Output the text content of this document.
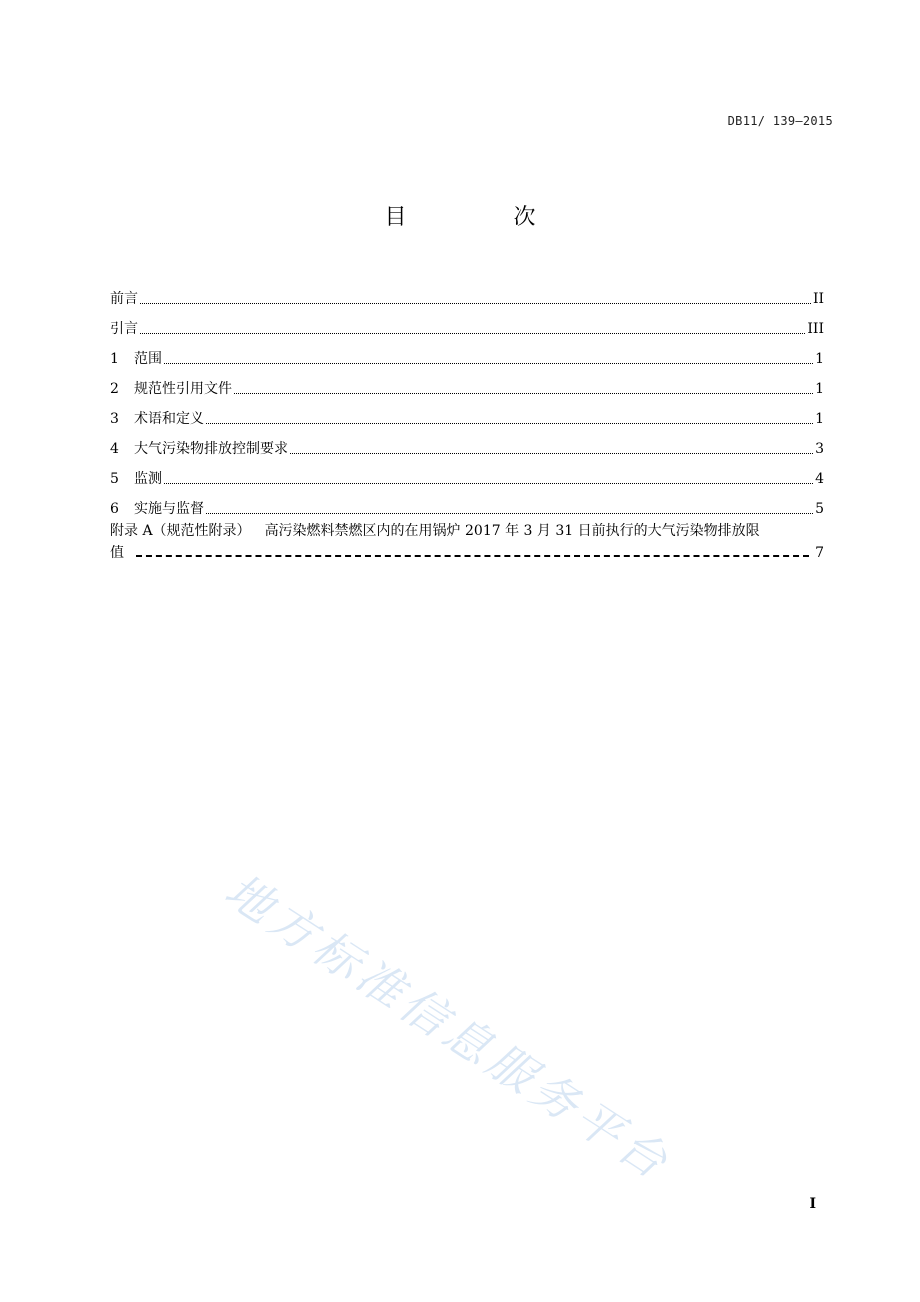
DB11/ 139—2015
目 次
前言	II
引言	III
1	范围	1
2	规范性引用文件	1
3	术语和定义	1
4	大气污染物排放控制要求	3
5	监测	4
6	实施与监督	5
附录 A（规范性附录） 高污染燃料禁燃区内的在用锅炉 2017 年 3 月 31 日前执行的大气污染物排放限
值	7
地方标准信息服务平台
I
